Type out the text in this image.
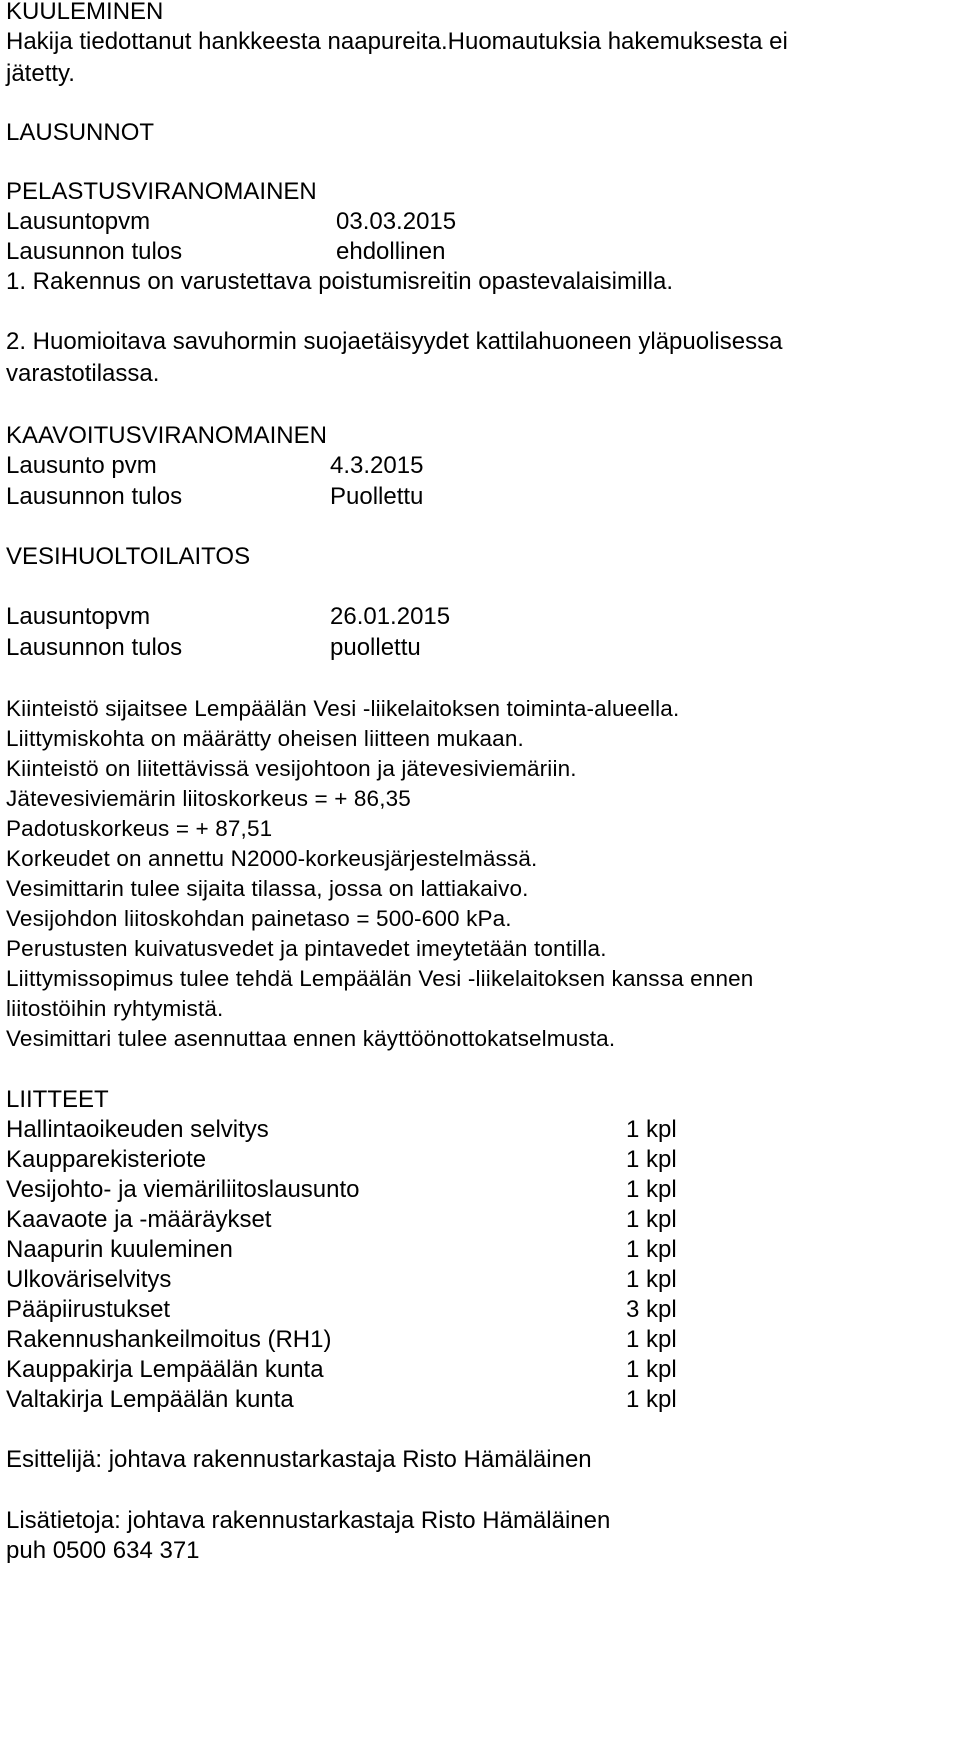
KUULEMINEN
Hakija tiedottanut hankkeesta naapureita.Huomautuksia hakemuksesta ei
jätetty.
LAUSUNNOT
PELASTUSVIRANOMAINEN
Lausuntopvm	03.03.2015
Lausunnon tulos	ehdollinen
1. Rakennus on varustettava poistumisreitin opastevalaisimilla.
2. Huomioitava savuhormin suojaetäisyydet kattilahuoneen yläpuolisessa
varastotilassa.
KAAVOITUSVIRANOMAINEN
Lausunto pvm	4.3.2015
Lausunnon tulos	Puollettu
VESIHUOLTOILAITOS
Lausuntopvm	26.01.2015
Lausunnon tulos	puollettu
Kiinteistö sijaitsee Lempäälän Vesi -liikelaitoksen toiminta-alueella.
Liittymiskohta on määrätty oheisen liitteen mukaan.
Kiinteistö on liitettävissä vesijohtoon ja jätevesiviemäriin.
Jätevesiviemärin liitoskorkeus = + 86,35
Padotuskorkeus = + 87,51
Korkeudet on annettu N2000-korkeusjärjestelmässä.
Vesimittarin tulee sijaita tilassa, jossa on lattiakaivo.
Vesijohdon liitoskohdan painetaso = 500-600 kPa.
Perustusten kuivatusvedet ja pintavedet imeytetään tontilla.
Liittymissopimus tulee tehdä Lempäälän Vesi -liikelaitoksen kanssa ennen
liitostöihin ryhtymistä.
Vesimittari tulee asennuttaa ennen käyttöönottokatselmusta.
LIITTEET
Hallintaoikeuden selvitys	1 kpl
Kaupparekisteriote	1 kpl
Vesijohto- ja viemäriliitoslausunto	1 kpl
Kaavaote ja -määräykset	1 kpl
Naapurin kuuleminen	1 kpl
Ulkoväriselvitys	1 kpl
Pääpiirustukset	3 kpl
Rakennushankeilmoitus (RH1)	1 kpl
Kauppakirja Lempäälän kunta	1 kpl
Valtakirja Lempäälän kunta	1 kpl
Esittelijä: johtava rakennustarkastaja Risto Hämäläinen
Lisätietoja: johtava rakennustarkastaja Risto Hämäläinen
puh 0500 634 371
